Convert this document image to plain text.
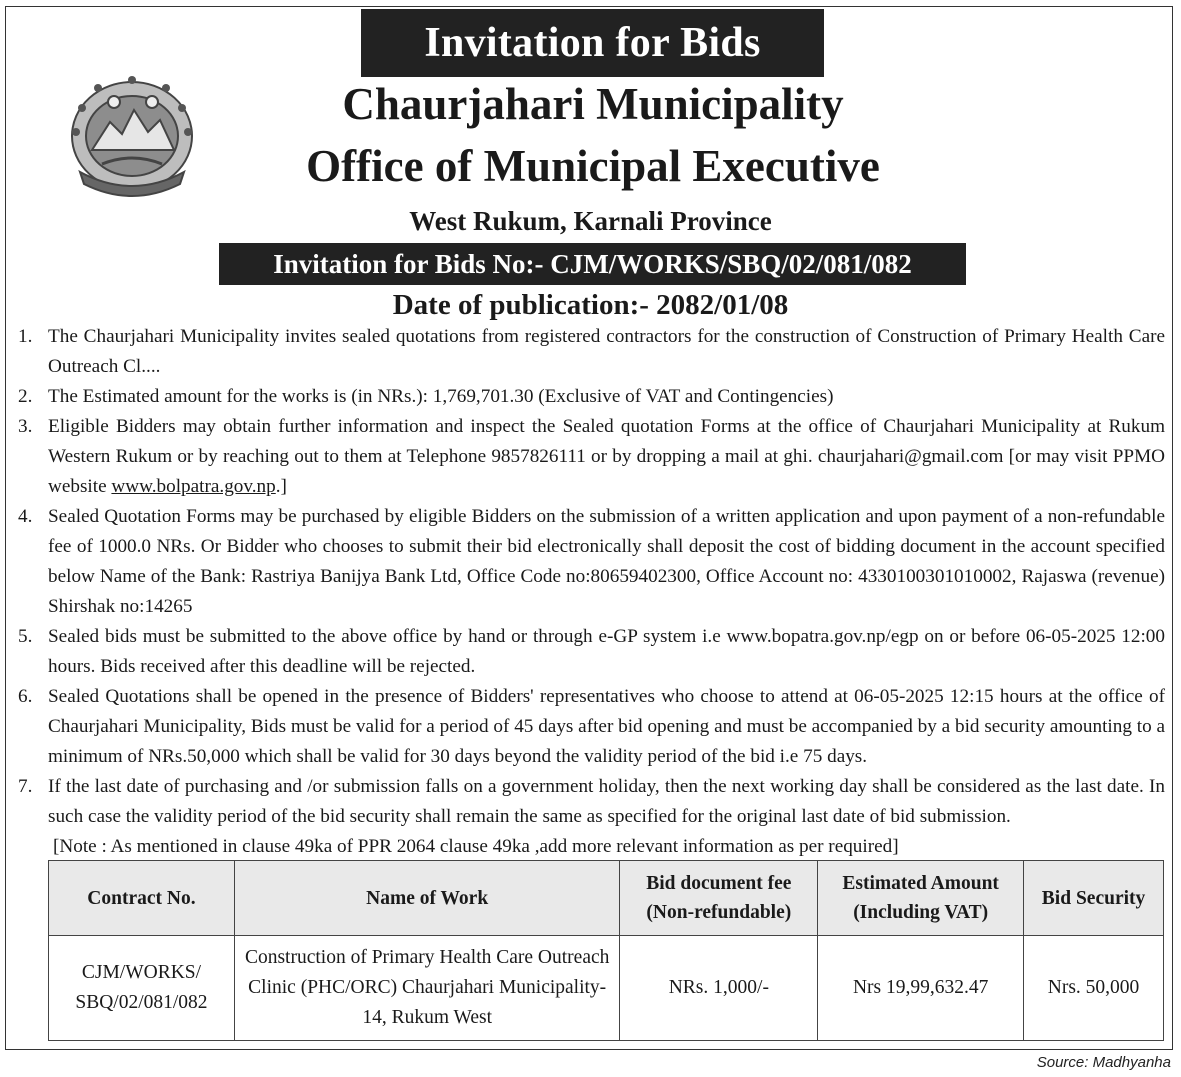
Invitation for Bids
Chaurjahari Municipality
Office of Municipal Executive
West Rukum, Karnali Province
Invitation for Bids No:- CJM/WORKS/SBQ/02/081/082
Date of publication:- 2082/01/08
1. The Chaurjahari Municipality invites sealed quotations from registered contractors for the construction of Construction of Primary Health Care Outreach Cl....
2. The Estimated amount for the works is (in NRs.): 1,769,701.30 (Exclusive of VAT and Contingencies)
3. Eligible Bidders may obtain further information and inspect the Sealed quotation Forms at the office of Chaurjahari Municipality at Rukum Western Rukum or by reaching out to them at Telephone 9857826111 or by dropping a mail at ghi. chaurjahari@gmail.com [or may visit PPMO website www.bolpatra.gov.np.]
4. Sealed Quotation Forms may be purchased by eligible Bidders on the submission of a written application and upon payment of a non-refundable fee of 1000.0 NRs. Or Bidder who chooses to submit their bid electronically shall deposit the cost of bidding document in the account specified below Name of the Bank: Rastriya Banijya Bank Ltd, Office Code no:80659402300, Office Account no: 4330100301010002, Rajaswa (revenue) Shirshak no:14265
5. Sealed bids must be submitted to the above office by hand or through e-GP system i.e www.bopatra.gov.np/egp on or before 06-05-2025 12:00 hours. Bids received after this deadline will be rejected.
6. Sealed Quotations shall be opened in the presence of Bidders' representatives who choose to attend at 06-05-2025 12:15 hours at the office of Chaurjahari Municipality, Bids must be valid for a period of 45 days after bid opening and must be accompanied by a bid security amounting to a minimum of NRs.50,000 which shall be valid for 30 days beyond the validity period of the bid i.e 75 days.
7. If the last date of purchasing and /or submission falls on a government holiday, then the next working day shall be considered as the last date. In such case the validity period of the bid security shall remain the same as specified for the original last date of bid submission.
[Note : As mentioned in clause 49ka of PPR 2064 clause 49ka ,add more relevant information as per required]
Contract No.	Name of Work	Bid document fee (Non-refundable)	Estimated Amount (Including VAT)	Bid Security
CJM/WORKS/ SBQ/02/081/082	Construction of Primary Health Care Outreach Clinic (PHC/ORC) Chaurjahari Municipality-14, Rukum West	NRs. 1,000/-	Nrs 19,99,632.47	Nrs. 50,000
Source: Madhyanha
